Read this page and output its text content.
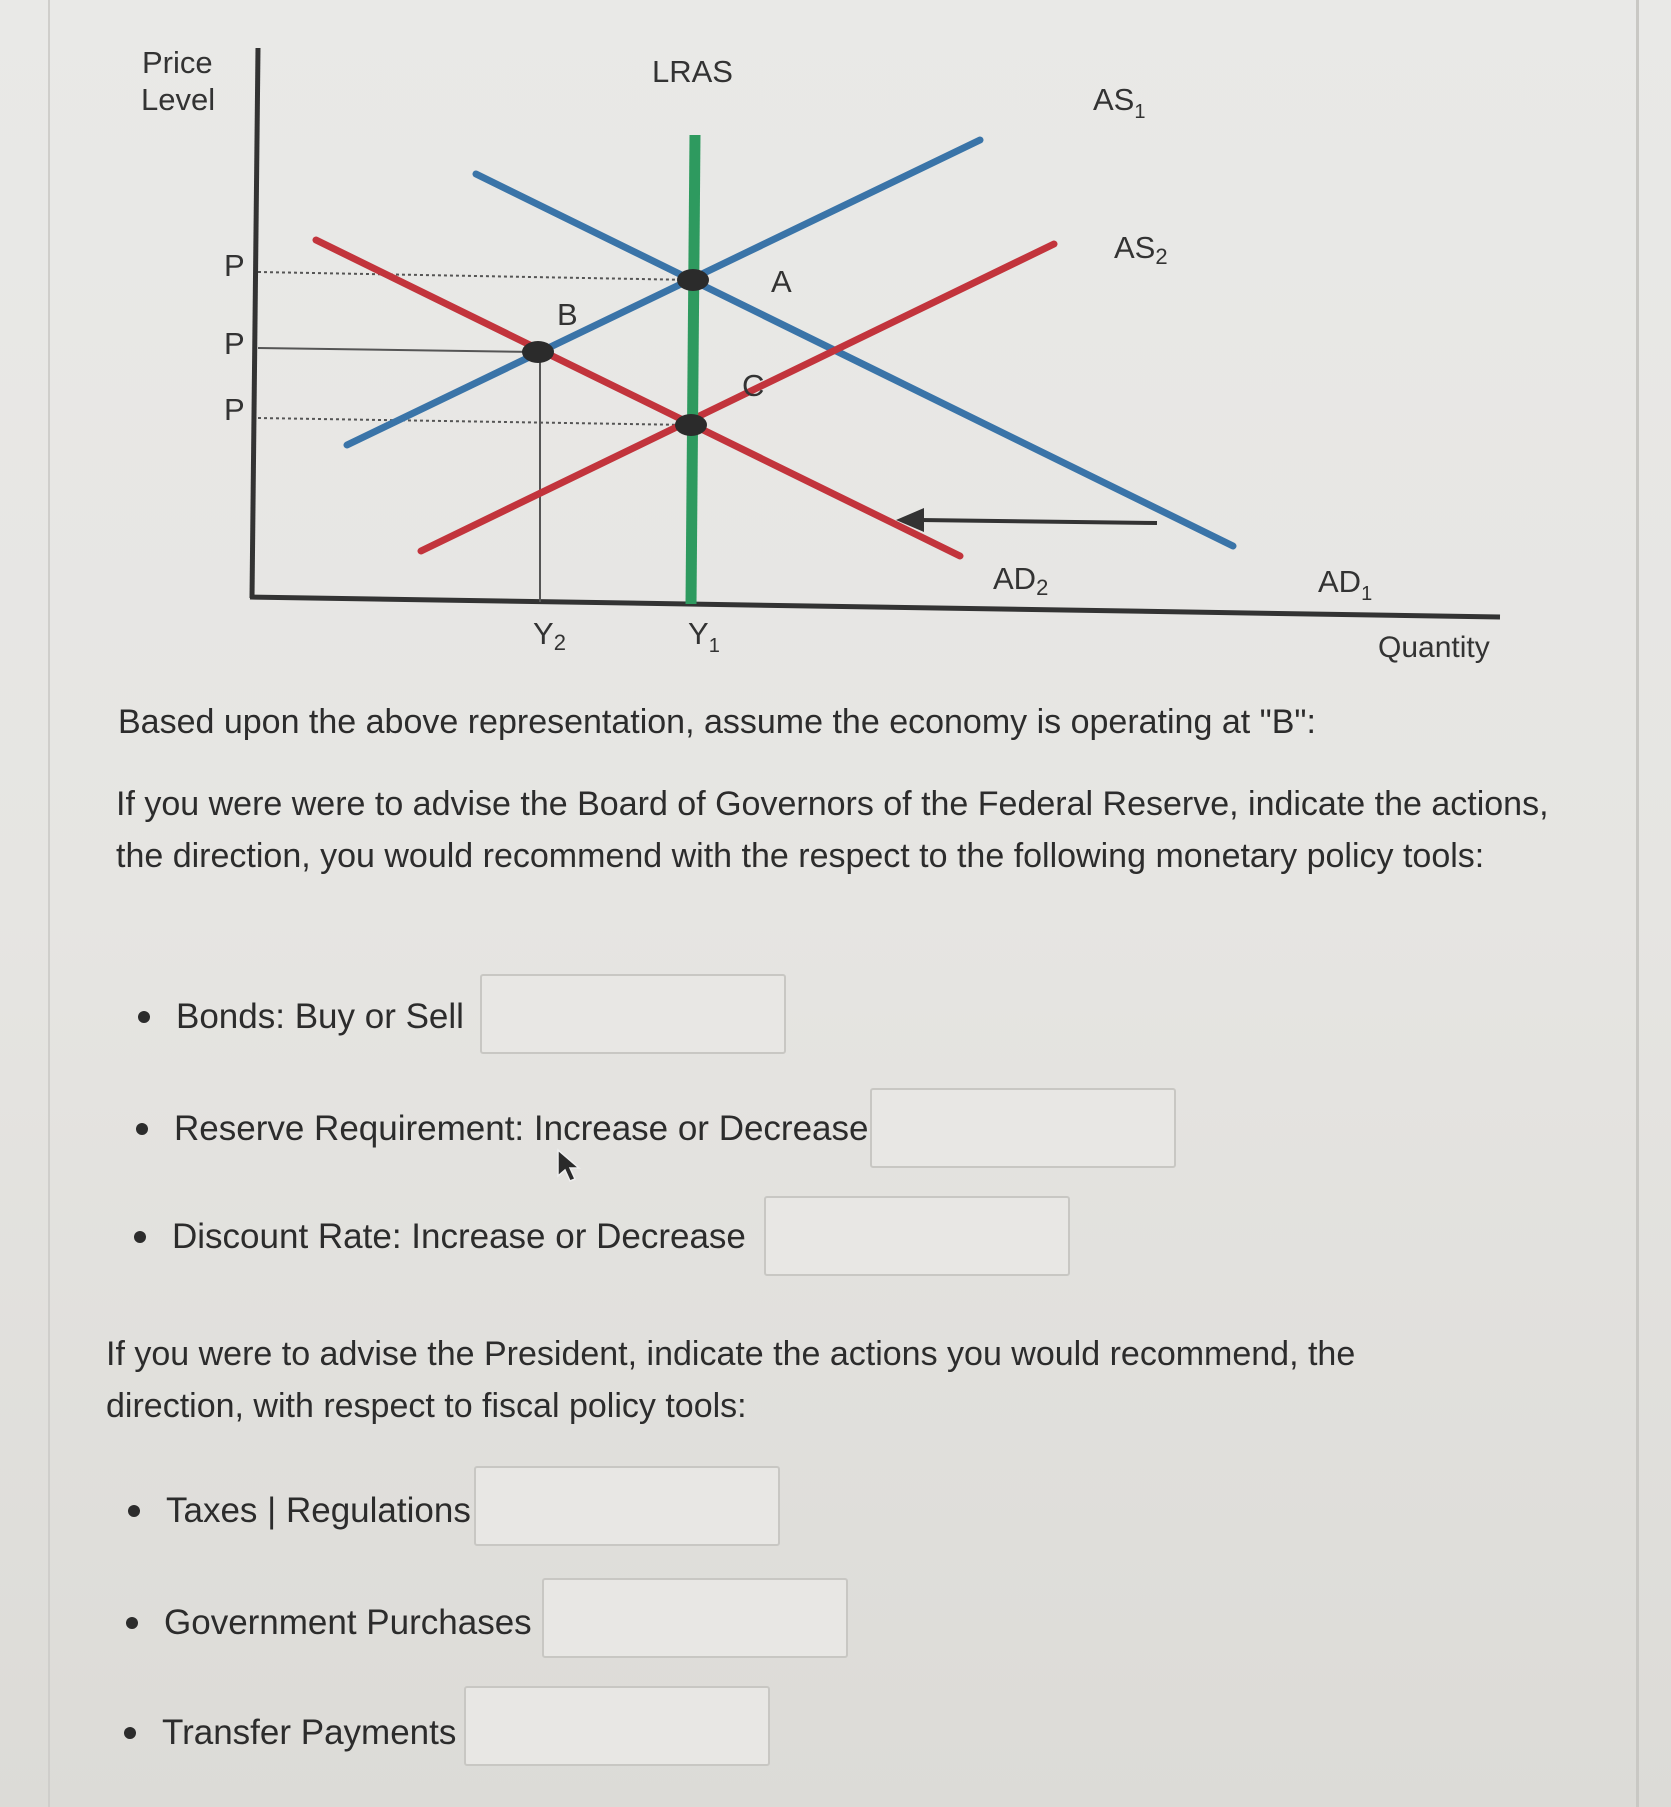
Price
Level
LRAS
$AS_1$
AS2
AD2	$AD_1$
A
B
C
P
P
P
Y2	$Y_1$	Quantity

Based upon the above representation, assume the economy is operating at "B":

If you were were to advise the Board of Governors of the Federal Reserve, indicate the actions, the direction, you would recommend with the respect to the following monetary policy tools:

Bonds: Buy or Sell
Reserve Requirement: Increase or Decrease
Discount Rate: Increase or Decrease

If you were to advise the President, indicate the actions you would recommend, the direction, with respect to fiscal policy tools:

Taxes | Regulations
Government Purchases
Transfer Payments
